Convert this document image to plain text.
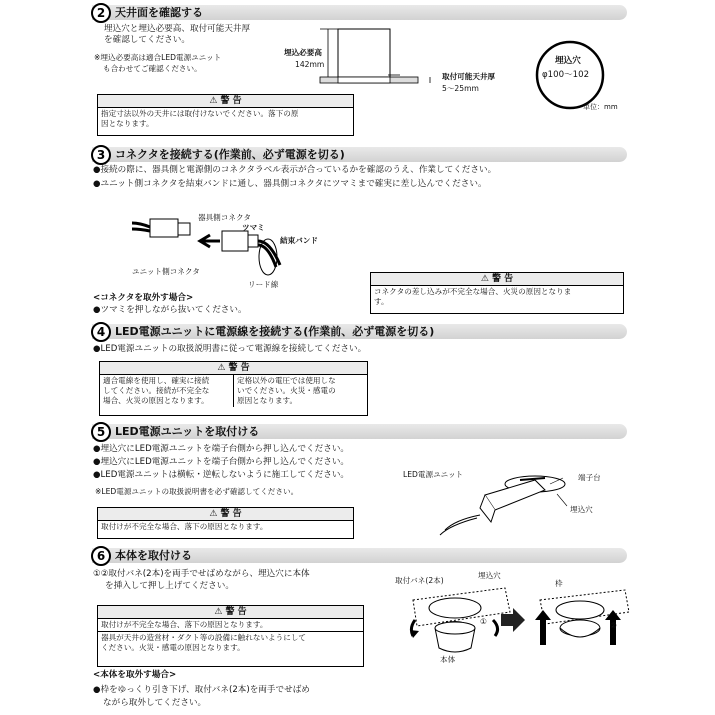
2 天井面を確認する
埋込穴と埋込必要高、取付可能天井厚
を確認してください。
※埋込必要高は適合LED電源ユニット
も合わせてご確認ください。
埋込必要高
142mm
取付可能天井厚
5〜25mm
埋込穴
φ100〜102
単位：mm
⚠ 警 告
指定寸法以外の天井には取付けないでください。落下の原
因となります。
3 コネクタを接続する(作業前、必ず電源を切る)
●接続の際に、器具側と電源側のコネクタラベル表示が合っているかを確認のうえ、作業してください。
●ユニット側コネクタを結束バンドに通し、器具側コネクタにツマミまで確実に差し込んでください。
器具側コネクタ
ツマミ
結束バンド
ユニット側コネクタ
リード線
<コネクタを取外す場合>
●ツマミを押しながら抜いてください。
⚠ 警 告
コネクタの差し込みが不完全な場合、火災の原因となりま
す。
4 LED電源ユニットに電源線を接続する(作業前、必ず電源を切る)
●LED電源ユニットの取扱説明書に従って電源線を接続してください。
⚠ 警 告
適合電線を使用し、確実に接続
してください。接続が不完全な
場合、火災の原因となります。
定格以外の電圧では使用しな
いでください。火災・感電の
原因となります。
5 LED電源ユニットを取付ける
●埋込穴にLED電源ユニットを端子台側から押し込んでください。
●埋込穴にLED電源ユニットを端子台側から押し込んでください。
●LED電源ユニットは横転・逆転しないように施工してください。
※LED電源ユニットの取扱説明書を必ず確認してください。
LED電源ユニット	端子台
埋込穴
⚠ 警 告
取付けが不完全な場合、落下の原因となります。
6 本体を取付ける
①②取付バネ(2本)を両手でせばめながら、埋込穴に本体
を挿入して押し上げてください。
⚠ 警 告
取付けが不完全な場合、落下の原因となります。
器具が天井の造営材・ダクト等の設備に触れないようにして
ください。火災・感電の原因となります。
<本体を取外す場合>
●枠をゆっくり引き下げ、取付バネ(2本)を両手でせばめ
ながら取外してください。
取付バネ(2本)
埋込穴
本体
枠
①	②
